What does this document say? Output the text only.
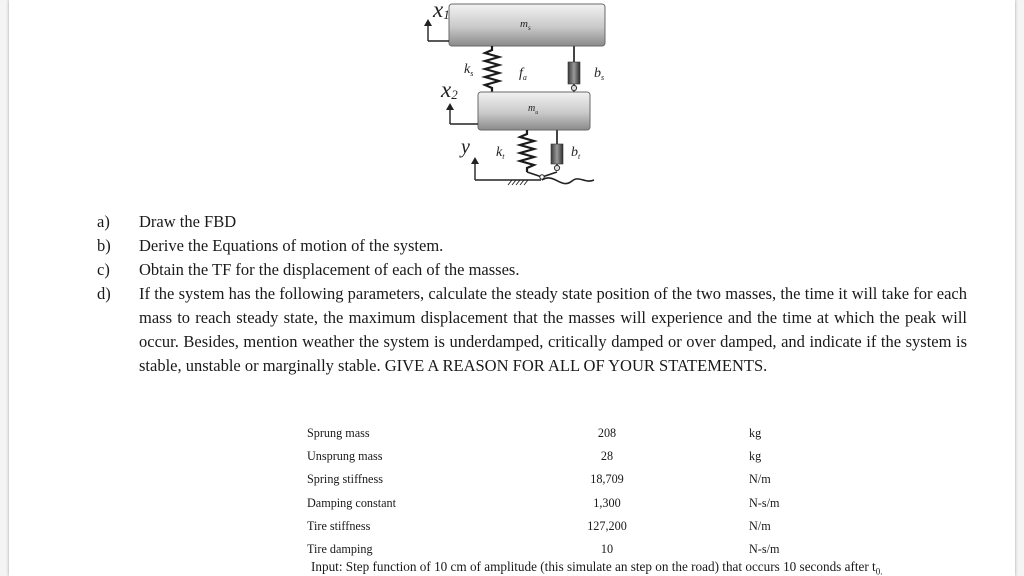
$m_s$
x1
$k_s$	$f_a$	$b_s$
$m_u$
x2
$k_t$	$b_t$
y
a) Draw the FBD
b) Derive the Equations of motion of the system.
c) Obtain the TF for the displacement of each of the masses.
d) If the system has the following parameters, calculate the steady state position of the two masses, the time it will take for each mass to reach steady state, the maximum displacement that the masses will experience and the time at which the peak will occur. Besides, mention weather the system is underdamped, critically damped or over damped, and indicate if the system is stable, unstable or marginally stable. GIVE A REASON FOR ALL OF YOUR STATEMENTS.
Sprung mass	208		kg
Unsprung mass	28		kg
Spring stiffness	18,709		N/m
Damping constant	1,300		N-s/m
Tire stiffness	127,200		N/m
Tire damping	10		N-s/m
Input: Step function of 10 cm of amplitude (this simulate an step on the road) that occurs 10 seconds after $t_{0.}$
